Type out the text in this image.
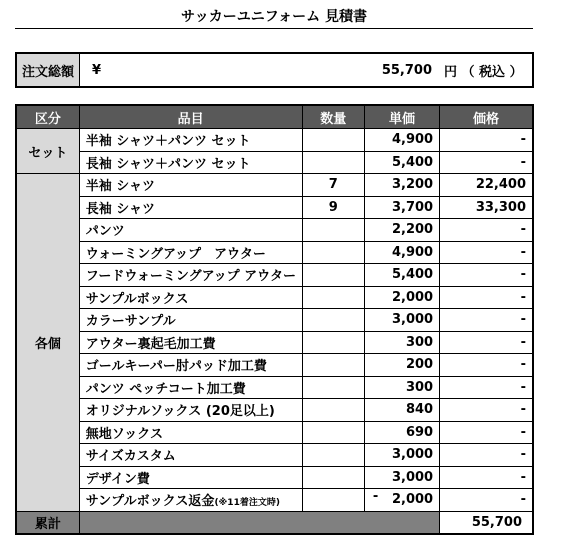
サッカーユニフォーム 見積書
注文総額	¥	55,700 円 （ 税込 ）
区分	品目	数量	単価	価格
セット	半袖 シャツ＋パンツ セット		4,900	-
	長袖 シャツ＋パンツ セット		5,400	-
各個	半袖 シャツ	7	3,200	22,400
	長袖 シャツ	9	3,700	33,300
	パンツ		2,200	-
	ウォーミングアップ　アウター		4,900	-
	フードウォーミングアップ アウター		5,400	-
	サンプルボックス		2,000	-
	カラーサンプル		3,000	-
	アウター裏起毛加工費		300	-
	ゴールキーパー肘パッド加工費		200	-
	パンツ ペッチコート加工費		300	-
	オリジナルソックス (20足以上)		840	-
	無地ソックス		690	-
	サイズカスタム		3,000	-
	デザイン費		3,000	-
	サンプルボックス返金(※11着注文時)		- 2,000	-
累計				55,700
